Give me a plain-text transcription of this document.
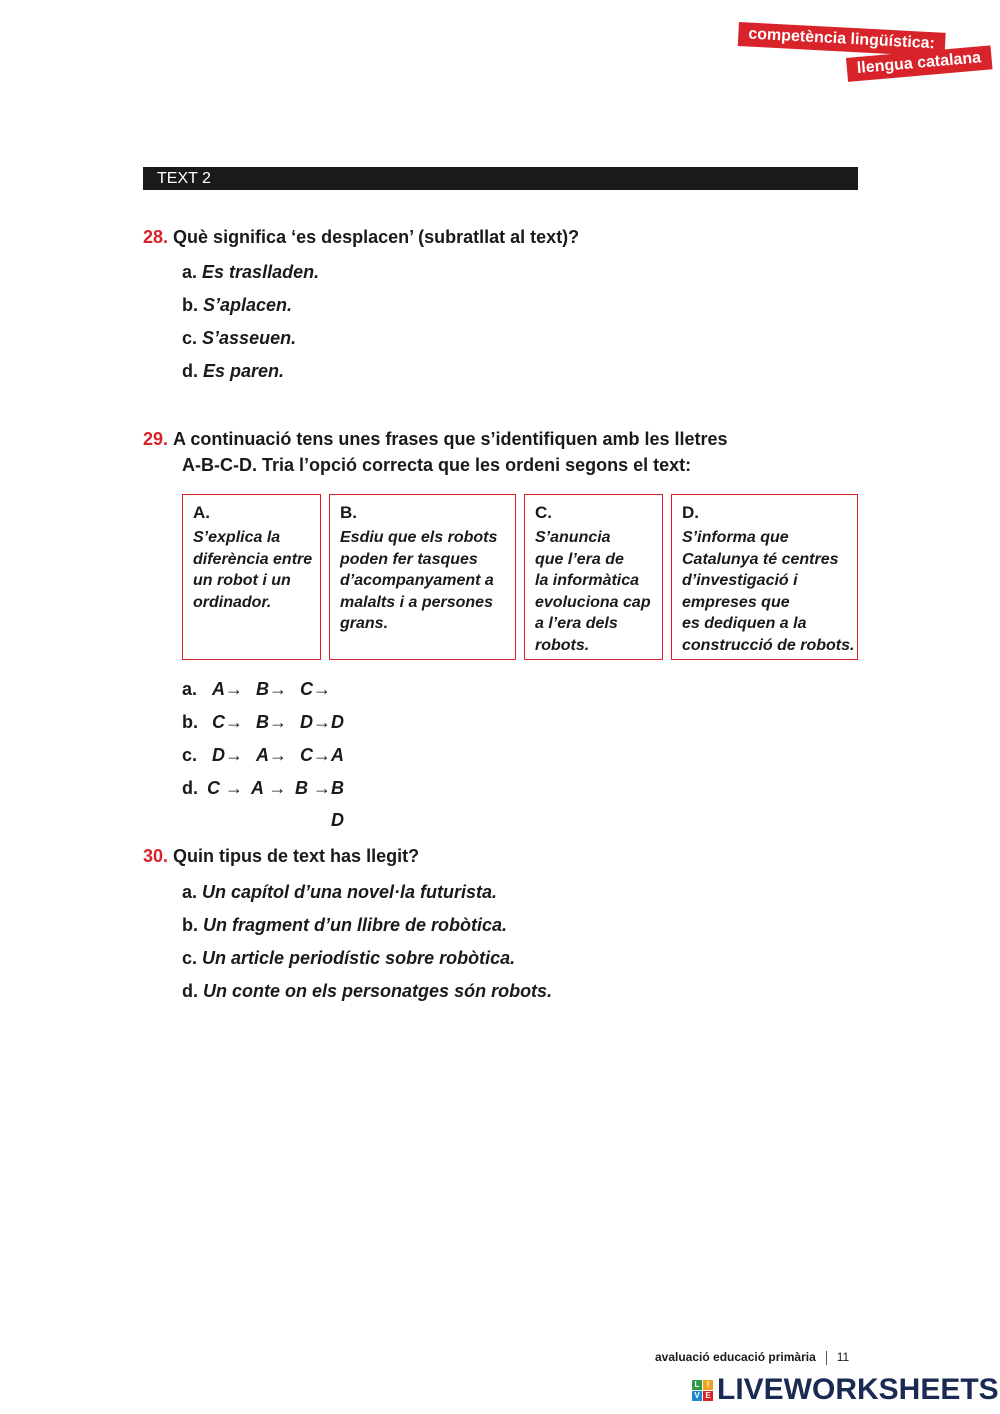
competència lingüística:
llengua catalana
TEXT 2
28. Què significa ‘es desplacen’ (subratllat al text)?
a. Es traslladen.
b. S’aplacen.
c. S’asseuen.
d. Es paren.
29. A continuació tens unes frases que s’identifiquen amb les lletres
A-B-C-D. Tria l’opció correcta que les ordeni segons el text:
A.
S’explica la
diferència entre
un robot i un
ordinador.
B.
Esdiu que els robots
poden fer tasques
d’acompanyament a
malalts i a persones
grans.
C.
S’anuncia
que l’era de
la informàtica
evoluciona cap
a l’era dels
robots.
D.
S’informa que
Catalunya té centres
d’investigació i
empreses que
es dediquen a la
construcció de robots.
a. A→ B→ C→
b. C→ B→ D→D
c. D→ A→ C→A
d. C → A → B →B
D
30. Quin tipus de text has llegit?
a. Un capítol d’una novel·la futurista.
b. Un fragment d’un llibre de robòtica.
c. Un article periodístic sobre robòtica.
d. Un conte on els personatges són robots.
avaluació educació primària 11
L I
V E LIVEWORKSHEETS
